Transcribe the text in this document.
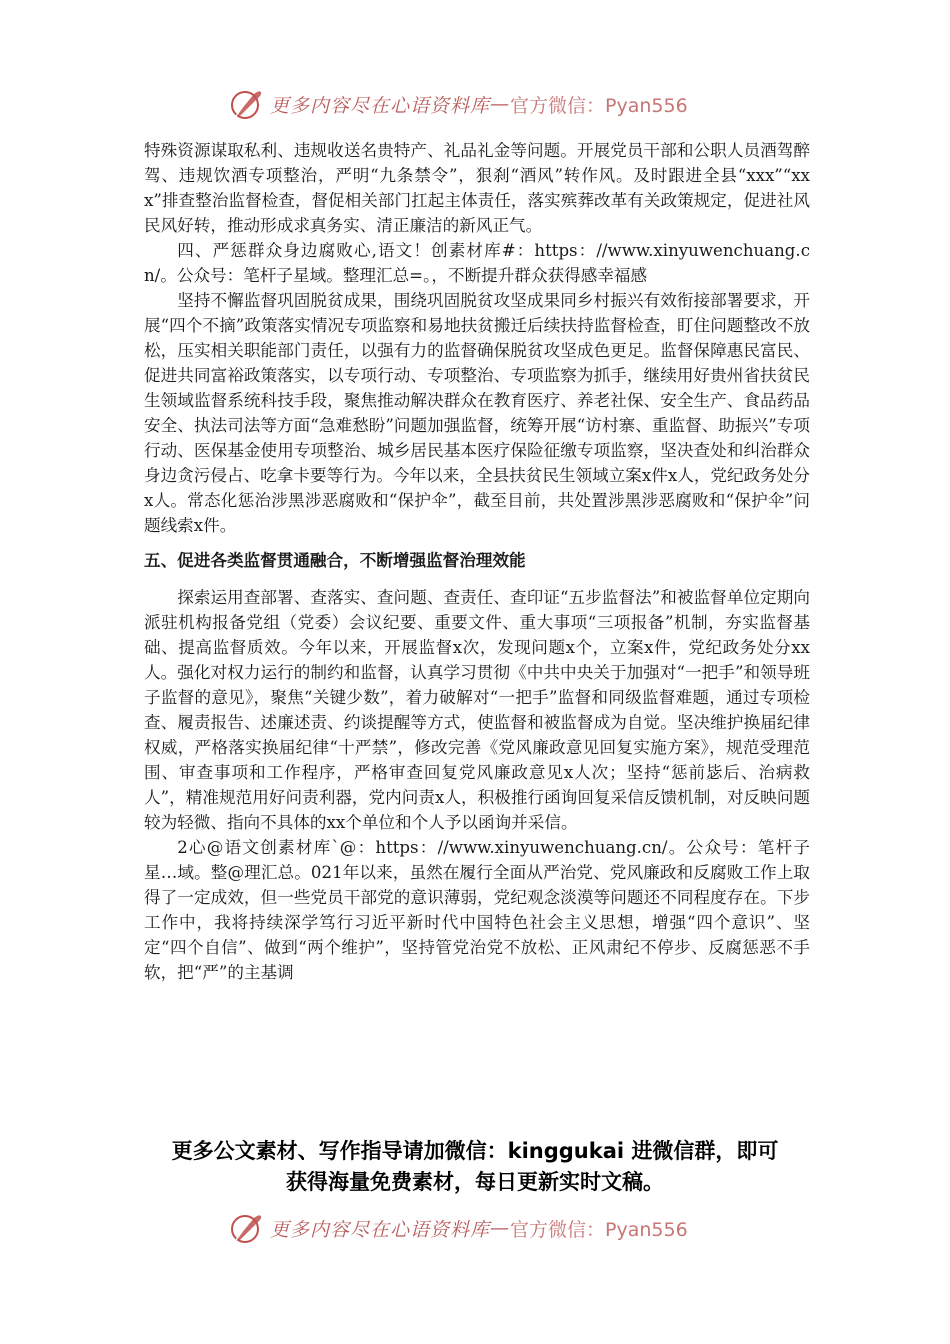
更多内容尽在心语资料库 — 官方微信：Pyan556

特殊资源谋取私利、违规收送名贵特产、礼品礼金等问题。开展党员干部和公职人员酒驾醉驾、违规饮酒专项整治，严明“九条禁令”，狠刹“酒风”转作风。及时跟进全县“xxx”“xxx”排查整治监督检查，督促相关部门扛起主体责任，落实殡葬改革有关政策规定，促进社风民风好转，推动形成求真务实、清正廉洁的新风正气。

四、严惩群众身边腐败心,语文！创素材库#：https：//www.xinyuwenchuang.cn/。公众号：笔杆子星域。整理汇总=。，不断提升群众获得感幸福感

坚持不懈监督巩固脱贫成果，围绕巩固脱贫攻坚成果同乡村振兴有效衔接部署要求，开展“四个不摘”政策落实情况专项监察和易地扶贫搬迁后续扶持监督检查，盯住问题整改不放松，压实相关职能部门责任，以强有力的监督确保脱贫攻坚成色更足。监督保障惠民富民、促进共同富裕政策落实，以专项行动、专项整治、专项监察为抓手，继续用好贵州省扶贫民生领域监督系统科技手段，聚焦推动解决群众在教育医疗、养老社保、安全生产、食品药品安全、执法司法等方面“急难愁盼”问题加强监督，统筹开展“访村寨、重监督、助振兴”专项行动、医保基金使用专项整治、城乡居民基本医疗保险征缴专项监察，坚决查处和纠治群众身边贪污侵占、吃拿卡要等行为。今年以来，全县扶贫民生领域立案x件x人，党纪政务处分x人。常态化惩治涉黑涉恶腐败和“保护伞”，截至目前，共处置涉黑涉恶腐败和“保护伞”问题线索x件。

五、促进各类监督贯通融合，不断增强监督治理效能

探索运用查部署、查落实、查问题、查责任、查印证“五步监督法”和被监督单位定期向派驻机构报备党组（党委）会议纪要、重要文件、重大事项“三项报备”机制，夯实监督基础、提高监督质效。今年以来，开展监督x次，发现问题x个，立案x件，党纪政务处分xx人。强化对权力运行的制约和监督，认真学习贯彻《中共中央关于加强对“一把手”和领导班子监督的意见》，聚焦“关键少数”，着力破解对“一把手”监督和同级监督难题，通过专项检查、履责报告、述廉述责、约谈提醒等方式，使监督和被监督成为自觉。坚决维护换届纪律权威，严格落实换届纪律“十严禁”，修改完善《党风廉政意见回复实施方案》，规范受理范围、审查事项和工作程序，严格审查回复党风廉政意见x人次；坚持“惩前毖后、治病救人”，精准规范用好问责利器，党内问责x人，积极推行函询回复采信反馈机制，对反映问题较为轻微、指向不具体的xx个单位和个人予以函询并采信。

2心@语文创素材库`@：https：//www.xinyuwenchuang.cn/。公众号：笔杆子星…域。整@理汇总。021年以来，虽然在履行全面从严治党、党风廉政和反腐败工作上取得了一定成效，但一些党员干部党的意识薄弱，党纪观念淡漠等问题还不同程度存在。下步工作中，我将持续深学笃行习近平新时代中国特色社会主义思想，增强“四个意识”、坚定“四个自信”、做到“两个维护”，坚持管党治党不放松、正风肃纪不停步、反腐惩恶不手软，把“严”的主基调

更多公文素材、写作指导请加微信：kinggukai 进微信群，即可
获得海量免费素材，每日更新实时文稿。
更多内容尽在心语资料库 — 官方微信：Pyan556
